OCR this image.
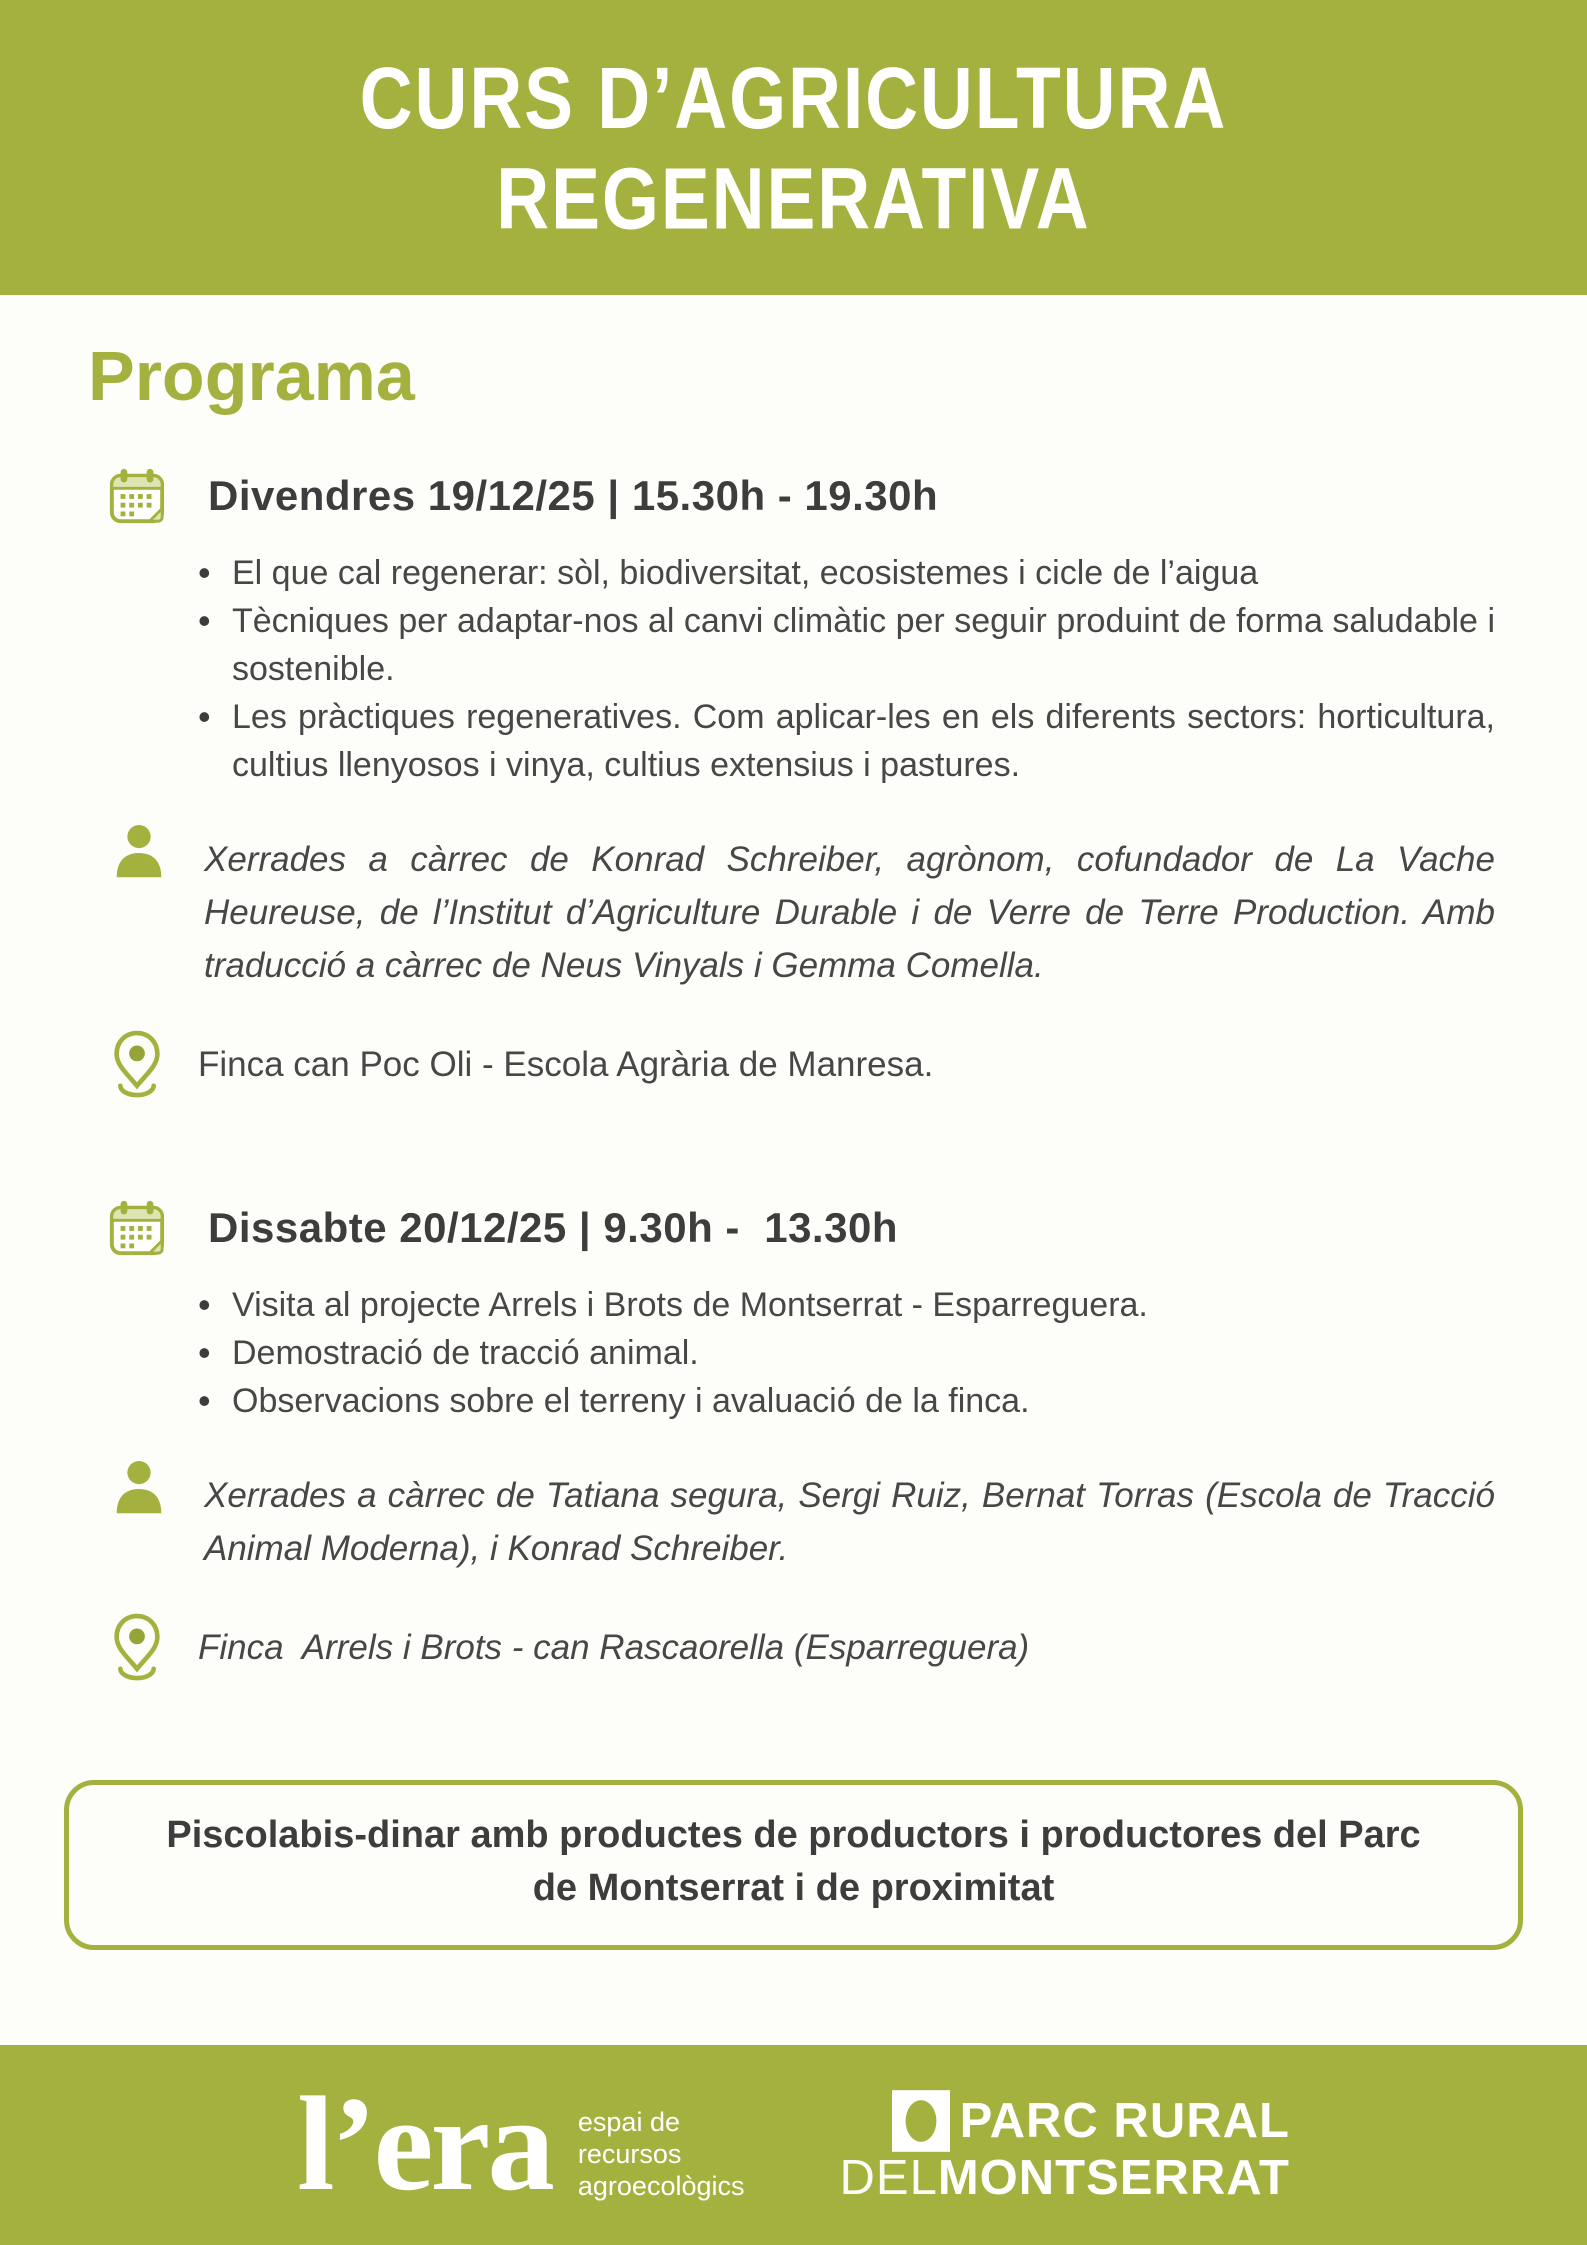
CURS D’AGRICULTURA
REGENERATIVA
Programa
Divendres 19/12/25 | 15.30h - 19.30h
• El que cal regenerar: sòl, biodiversitat, ecosistemes i cicle de l’aigua
• Tècniques per adaptar-nos al canvi climàtic per seguir produint de forma saludable i sostenible.
• Les pràctiques regeneratives. Com aplicar-les en els diferents sectors: horticultura, cultius llenyosos i vinya, cultius extensius i pastures.

Xerrades a càrrec de Konrad Schreiber, agrònom, cofundador de La Vache Heureuse, de l’Institut d’Agriculture Durable i de Verre de Terre Production. Amb traducció a càrrec de Neus Vinyals i Gemma Comella.

Finca can Poc Oli - Escola Agrària de Manresa.

Dissabte 20/12/25 | 9.30h -  13.30h
• Visita al projecte Arrels i Brots de Montserrat - Esparreguera.
• Demostració de tracció animal.
• Observacions sobre el terreny i avaluació de la finca.

Xerrades a càrrec de Tatiana segura, Sergi Ruiz, Bernat Torras (Escola de Tracció Animal Moderna), i Konrad Schreiber.

Finca  Arrels i Brots - can Rascaorella (Esparreguera)

Piscolabis-dinar amb productes de productors i productores del Parc de Montserrat i de proximitat
l’era espai de
recursos
agroecològics
PARC RURAL
DELMONTSERRAT
